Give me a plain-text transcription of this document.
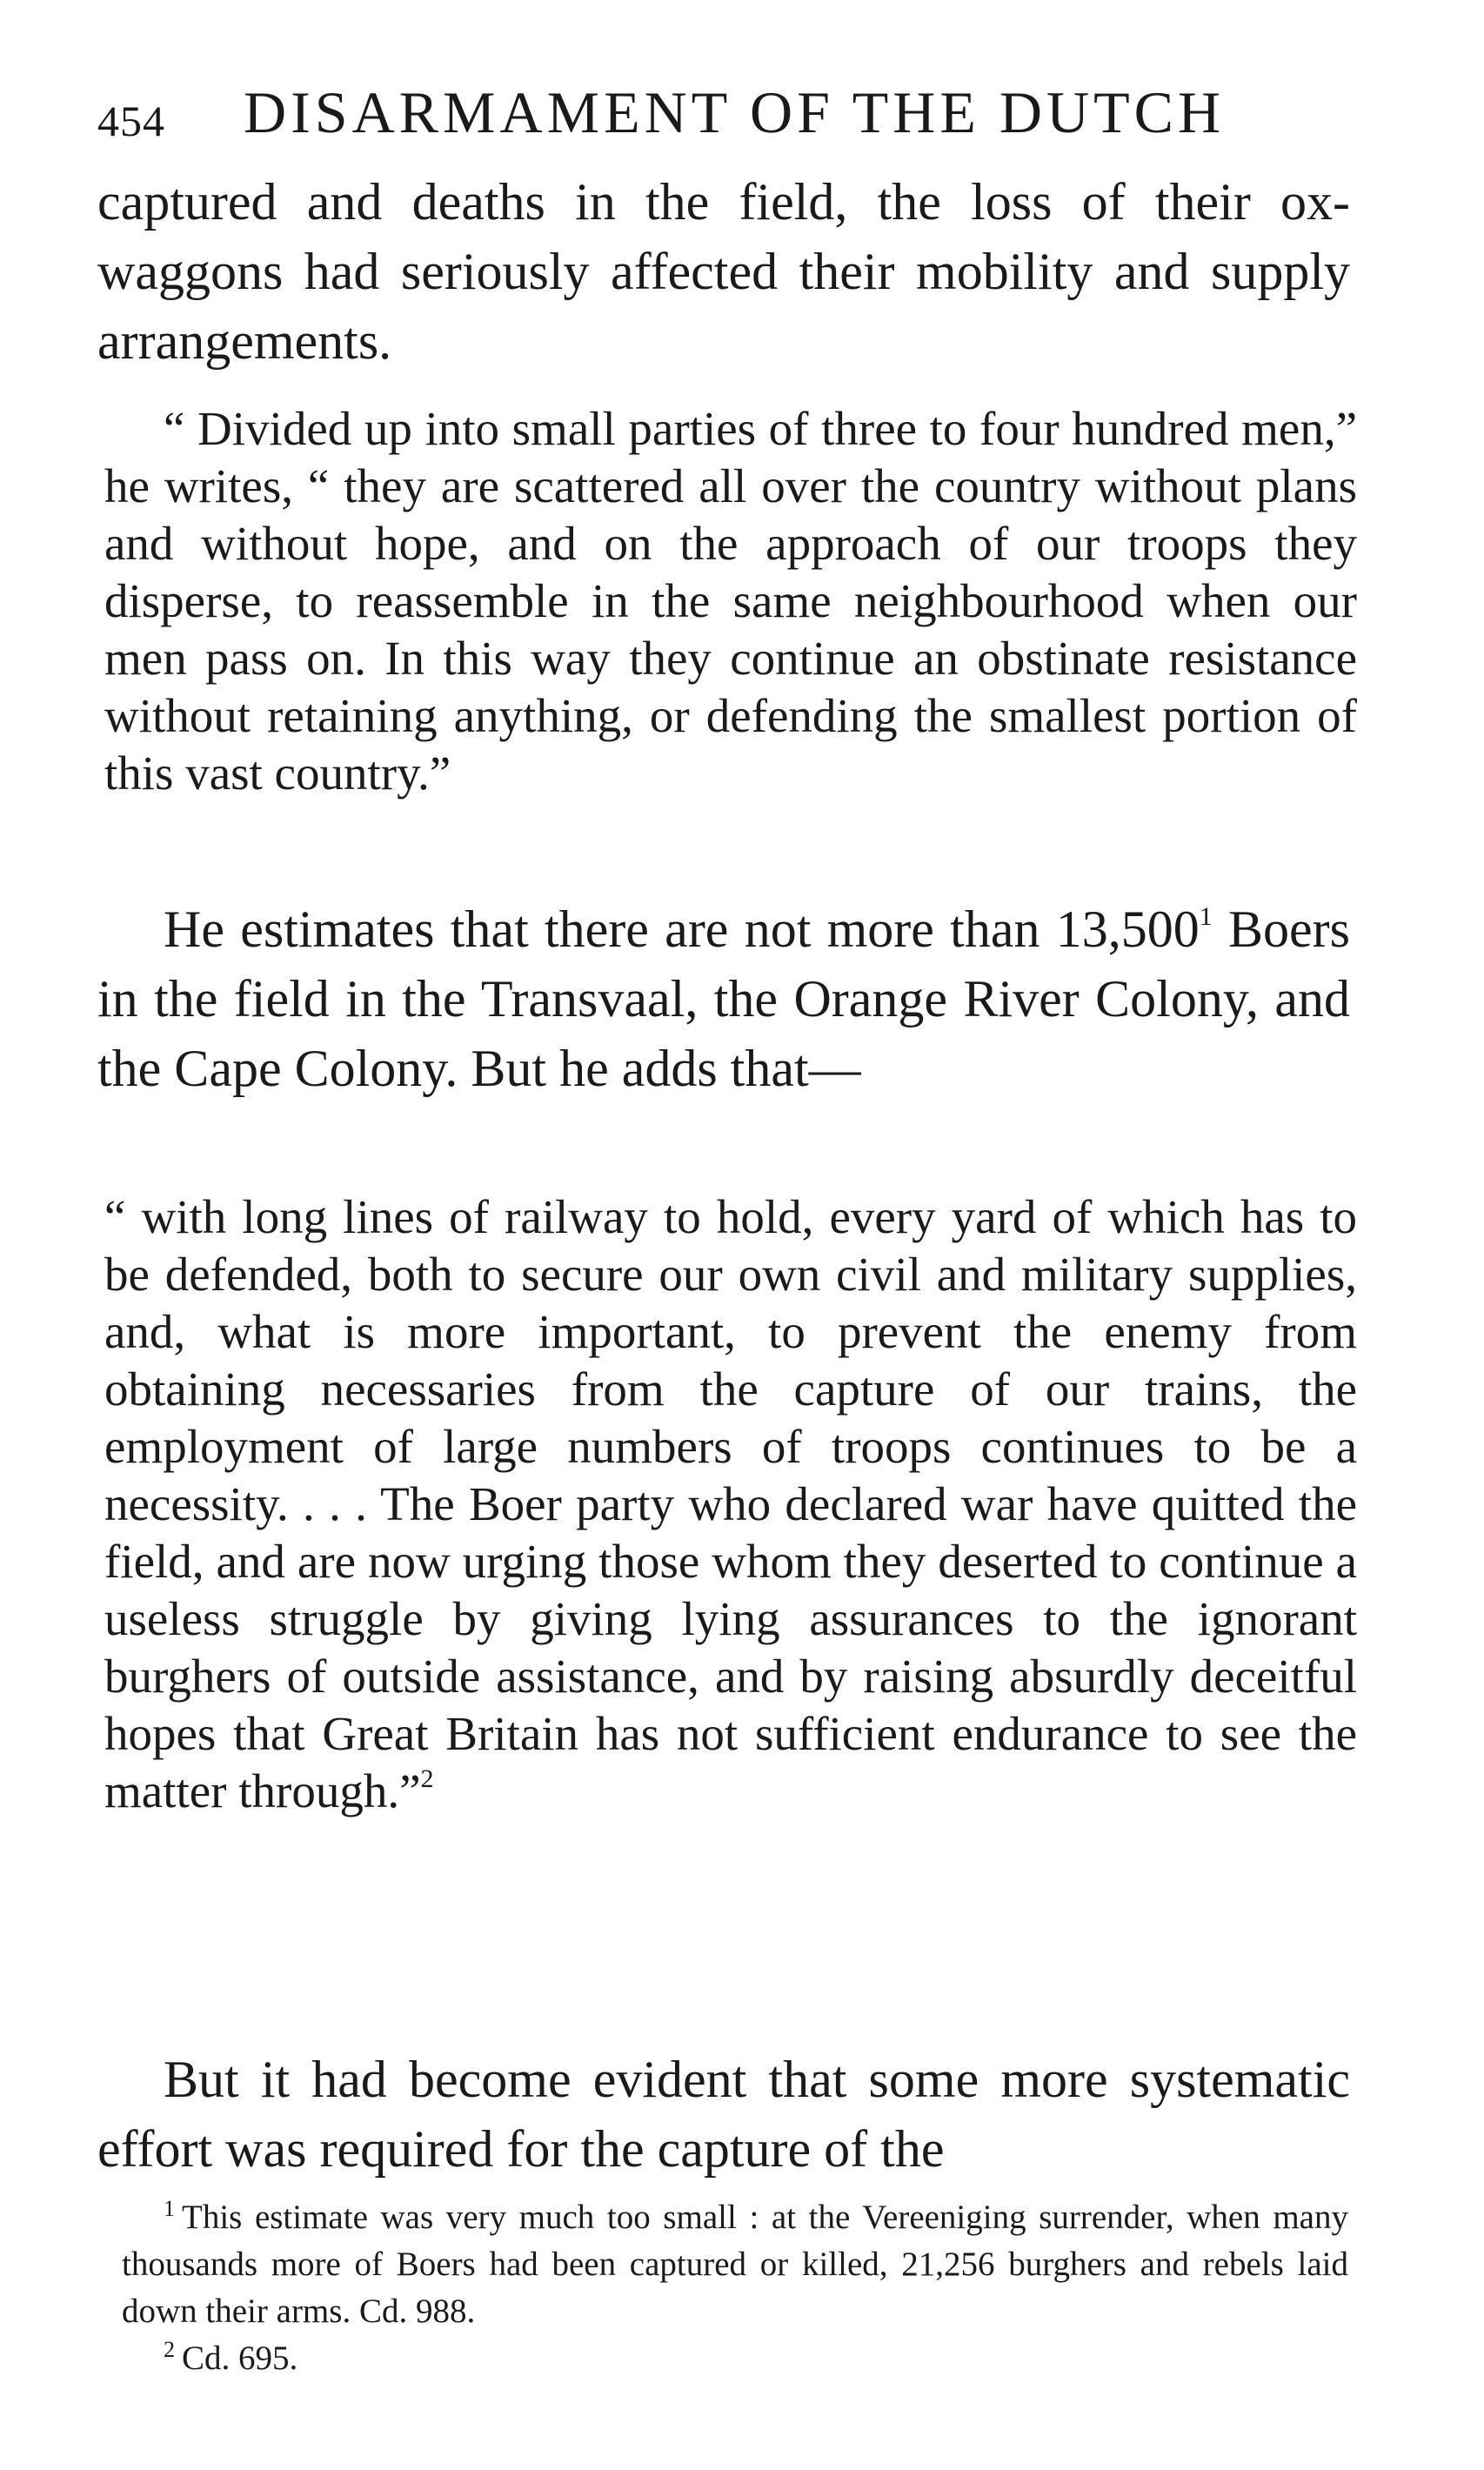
454 DISARMAMENT OF THE DUTCH

captured and deaths in the field, the loss of their ox-waggons had seriously affected their mobility and supply arrangements.

“ Divided up into small parties of three to four hundred men,” he writes, “ they are scattered all over the country without plans and without hope, and on the approach of our troops they disperse, to reassemble in the same neighbourhood when our men pass on. In this way they continue an obstinate resistance without retaining anything, or defending the smallest portion of this vast country.”

He estimates that there are not more than 13,500$^1$ Boers in the field in the Transvaal, the Orange River Colony, and the Cape Colony. But he adds that—

“ with long lines of railway to hold, every yard of which has to be defended, both to secure our own civil and military supplies, and, what is more important, to prevent the enemy from obtaining necessaries from the capture of our trains, the employment of large numbers of troops continues to be a necessity. . . . The Boer party who declared war have quitted the field, and are now urging those whom they deserted to continue a useless struggle by giving lying assurances to the ignorant burghers of outside assistance, and by raising absurdly deceitful hopes that Great Britain has not sufficient endurance to see the matter through.”$^2$

But it had become evident that some more systematic effort was required for the capture of the

$^1$ This estimate was very much too small : at the Vereeniging surrender, when many thousands more of Boers had been captured or killed, 21,256 burghers and rebels laid down their arms. Cd. 988.

$^2$ Cd. 695.
